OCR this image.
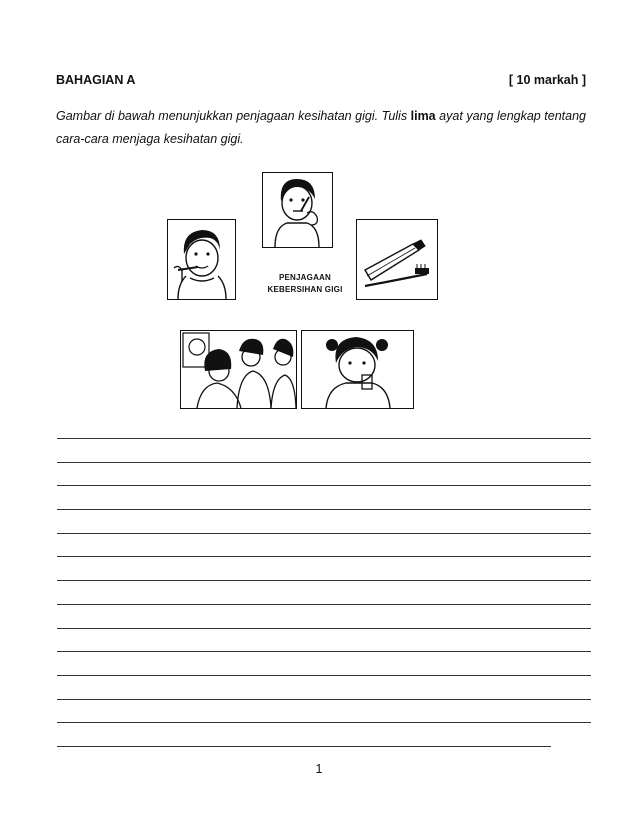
BAHAGIAN A	[ 10 markah ]
Gambar di bawah menunjukkan penjagaan kesihatan gigi. Tulis lima ayat yang lengkap tentang cara-cara menjaga kesihatan gigi.
PENJAGAAN
KEBERSIHAN GIGI
1
